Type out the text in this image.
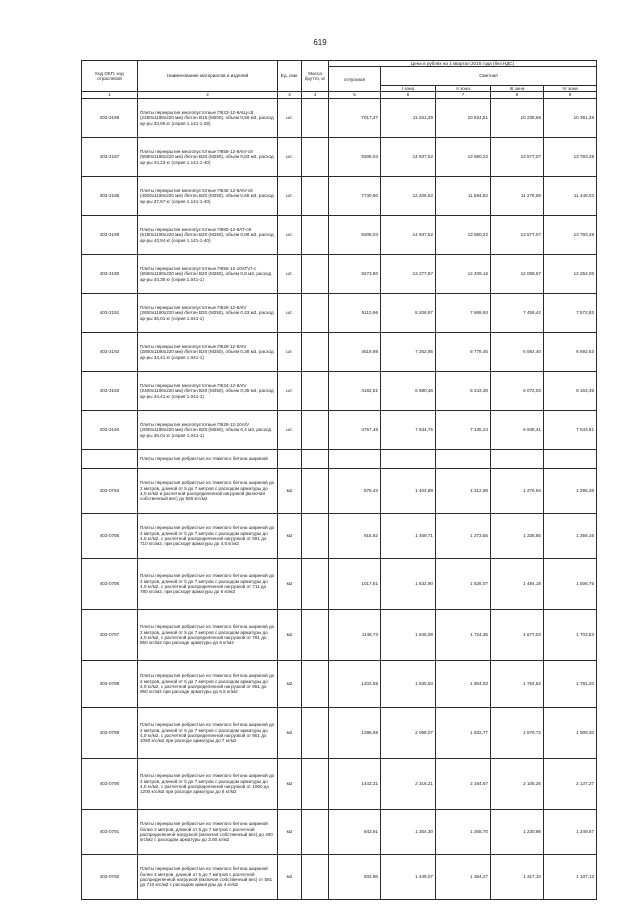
619
Код ОКП, код отраслевой	Наименование материалов и изделий	Ед. изм.	Масса брутто, кг	Цена в рублях на 1 квартал 2018 года (без НДС)				
				отпускная	Сметная			
					I зона	II зона	III зона	IV зона
1	2	3	4	5	6	7	8	9
403-2186	Плиты перекрытия многопустотные ПК23-12-8АtЦ-с8 (2280x1190x220 мм) /бетон В15 (М200), объем 0,59 м3, расход ар-ры 33,86 кг (серия 1.141-1-28)	шт.		7017,27	11 261,29	10 524,51	10 235,66	10 391,28
403-2187	Плиты перекрытия многопустотные ПК59-12-8АtV-с8 (5880x1190x220 мм) /бетон В20 (М250), объем 0,83 м3, расход ар-ры 43,23 кг (серия 1.141-1-40)	шт.		9308,04	14 937,52	13 960,22	13 577,07	13 783,49
403-2188	Плиты перекрытия многопустотные ПК45-12-8АtV-с8 (4500x1190x220 мм) /бетон В20 (М250), объем 0,65 м3, расход ар-ры 37,67 кг (серия 1.141-1-40)	шт.		7730,90	12 406,52	11 594,82	11 276,59	11 448,03
403-2189	Плиты перекрытия многопустотные ПК60-12-8АТ-с8 (6180x1190x220 мм) /бетон В20 (М250), объем 0,88 м3, расход ар-ры 43,94 кг (серия 1.141-1-40)	шт.		9308,04	14 937,52	13 960,22	13 577,07	13 783,49
403-2190	Плиты перекрытия многопустотные ПК56-12-10АТVт-с (5560x1190x220 мм) /бетон В20 (М250), объем 0,8 м3, расход ар-ры 44,35 кг (серия 1.041-1)	шт.		8273,80	13 277,87	12 409,16	12 068,57	12 252,06
403-2191	Плиты перекрытия многопустотные ПК26-12-8АtV (2600x1190x220 мм) /бетон В20 (М250), объем 0,43 м3, расход ар-ры 36,01 кг (серия 1.041-1)	шт.		5113,96	8 206,87	7 669,93	7 459,42	7 572,83
403-2192	Плиты перекрытия многопустотные ПК28-12-8АtV (2800x1190x220 мм) /бетон В20 (М250), объем 0,38 м3, расход ар-ры 34,41 кг (серия 1.041-1)	шт.		4519,98	7 252,95	6 778,45	6 592,40	6 692,63
403-2193	Плиты перекрытия многопустотные ПК24-12-8АtV (2400x1190x220 мм) /бетон В20 (М250), объем 0,35 м3, расход ар-ры 34,41 кг (серия 1.041-1)	шт.		4162,81	6 680,46	6 243,38	6 072,03	6 164,35
403-2194	Плиты перекрытия многопустотные ПК28-12-10АtV (2800x1190x220 мм) /бетон В20 (М250), объем 0,4 м3, расход ар-ры 36,01 кг (серия 1.041-1)	шт.		4757,46	7 634,75	7 135,24	6 939,41	7 044,91
	Плиты перекрытия ребристые из тяжелого бетона шириной							
403-0784	Плиты перекрытия ребристые из тяжелого бетона шириной до 2 метров, длиной от 5 до 7 метров с расходом арматуры до 4,0 кг/м2 и расчетной распределенной нагрузкой (включая собственный вес) до 550 кгс/м2	м2		875,43	1 404,89	1 312,98	1 276,94	1 296,36
403-0785	Плиты перекрытия ребристые из тяжелого бетона шириной до 2 метров, длиной от 5 до 7 метров с расходом арматуры до 4,0 кг/м2, с расчетной распределенной нагрузкой от 581 до 710 кгс/м2, при расходе арматуры до 4,5 кг/м2	м2		915,82	1 469,71	1 373,55	1 335,85	1 356,16
403-0786	Плиты перекрытия ребристые из тяжелого бетона шириной до 2 метров, длиной от 5 до 7 метров с расходом арматуры до 4,0 кг/м2, с расчетной распределенной нагрузкой от 711 до 780 кгс/м2, при расходе арматуры до 5 кг/м2	м2		1017,51	1 632,90	1 526,07	1 484,18	1 506,75
403-0787	Плиты перекрытия ребристые из тяжелого бетона шириной до 2 метров, длиной от 5 до 7 метров с расходом арматуры до 4,0 кг/м2, с расчетной распределенной нагрузкой от 781 до 850 кгс/м2 при расходе арматуры до 6 кг/м2	м2		1149,73	1 845,08	1 724,36	1 677,03	1 702,53
403-0788	Плиты перекрытия ребристые из тяжелого бетона шириной до 2 метров, длиной от 5 до 7 метров с расходом арматуры до 4,0 кг/м2, с расчетной распределенной нагрузкой от 851 до 950 кгс/м2 при расходе арматуры до 6,5 кг/м2	м2		1202,65	1 930,53	1 804,03	1 754,52	1 781,20
403-0789	Плиты перекрытия ребристые из тяжелого бетона шириной до 2 метров, длиной от 5 до 7 метров с расходом арматуры до 4,0 кг/м2, с расчетной распределенной нагрузкой от 951 до 1050 кгс/м2 при расходе арматуры до 7 кг/м2	м2		1288,68	2 068,07	1 932,77	1 879,72	1 908,30
403-0790	Плиты перекрытия ребристые из тяжелого бетона шириной до 2 метров, длиной от 5 до 7 метров с расходом арматуры до 4,0 кг/м2, с расчетной распределенной нагрузкой от 1060 до 1200 кгс/м2 при расходе арматуры до 8 кг/м2	м2		1443,31	2 316,21	2 164,67	2 105,26	2 137,27
403-0791	Плиты перекрытия ребристые из тяжелого бетона шириной более 2 метров, длиной от 5 до 7 метров с расчетной распределенной нагрузкой (включая собственный вес) до 400 кгс/м2 с расходом арматуры до 3,60 кг/м2	м2		843,91	1 354,30	1 265,70	1 230,96	1 249,67
403-0792	Плиты перекрытия ребристые из тяжелого бетона шириной более 2 метров, длиной от 5 до 7 метров с расчетной распределенной нагрузкой (включая собственный вес) от 581 до 710 кгс/м2 с расходом арматуры до 4 кг/м2	м2		932,96	1 449,07	1 354,27	1 317,10	1 337,12
